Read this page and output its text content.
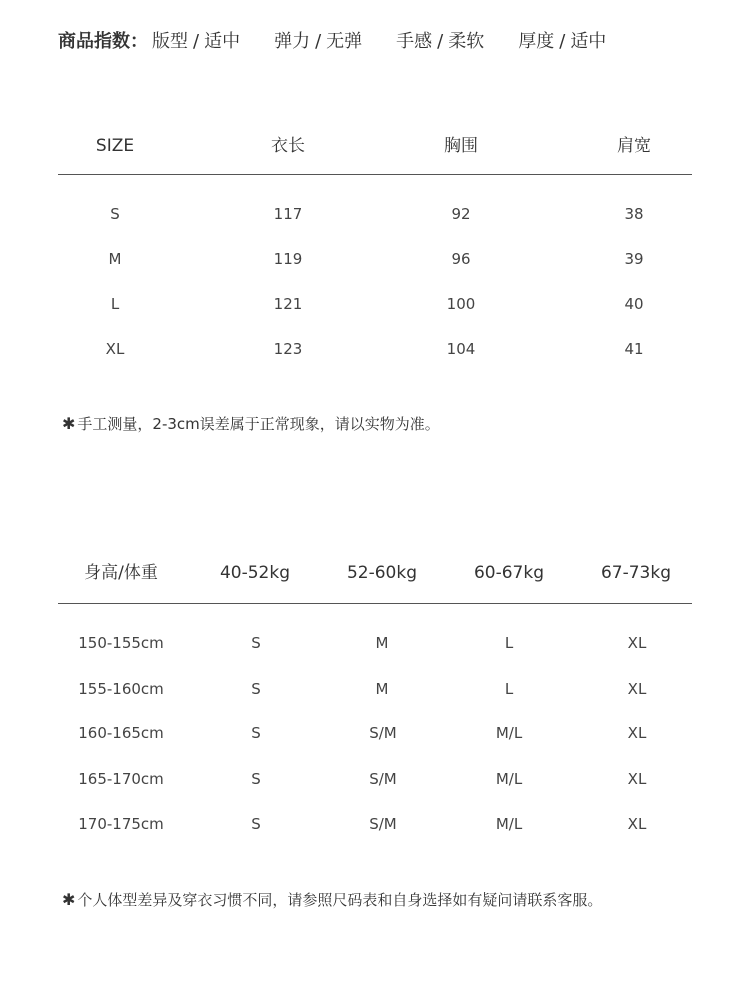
商品指数： 版型 / 适中 弹力 / 无弹 手感 / 柔软 厚度 / 适中
SIZE	衣长	胸围	肩宽
S	117	92	38
M	119	96	39
L	121	100	40
XL	123	104	41
✱ 手工测量，2-3cm误差属于正常现象，请以实物为准。
身高/体重	40-52kg	52-60kg	60-67kg	67-73kg
150-155cm	S	M	L	XL
155-160cm	S	M	L	XL
160-165cm	S	S/M	M/L	XL
165-170cm	S	S/M	M/L	XL
170-175cm	S	S/M	M/L	XL
✱ 个人体型差异及穿衣习惯不同，请参照尺码表和自身选择如有疑问请联系客服。
